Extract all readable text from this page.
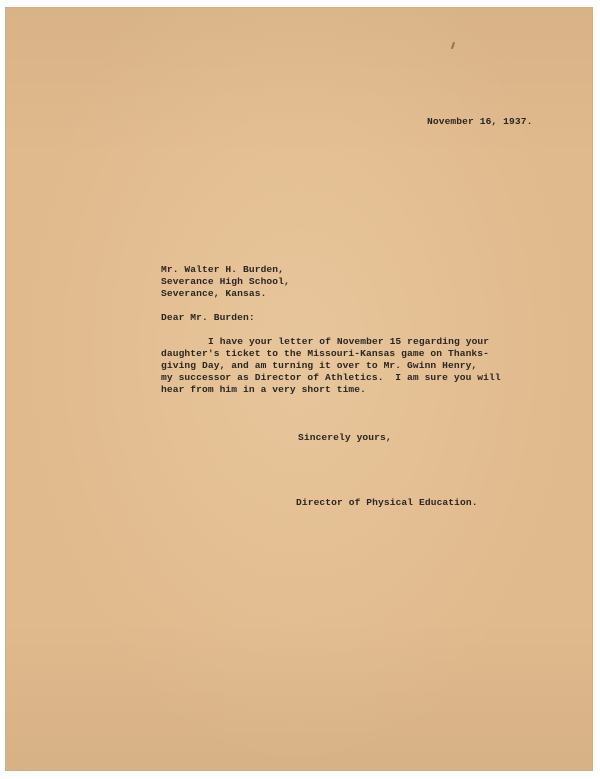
November 16, 1937.
Mr. Walter H. Burden,
Severance High School,
Severance, Kansas.
Dear Mr. Burden:
I have your letter of November 15 regarding your
daughter's ticket to the Missouri-Kansas game on Thanks-
giving Day, and am turning it over to Mr. Gwinn Henry,
my successor as Director of Athletics.  I am sure you will
hear from him in a very short time.
Sincerely yours,
Director of Physical Education.
